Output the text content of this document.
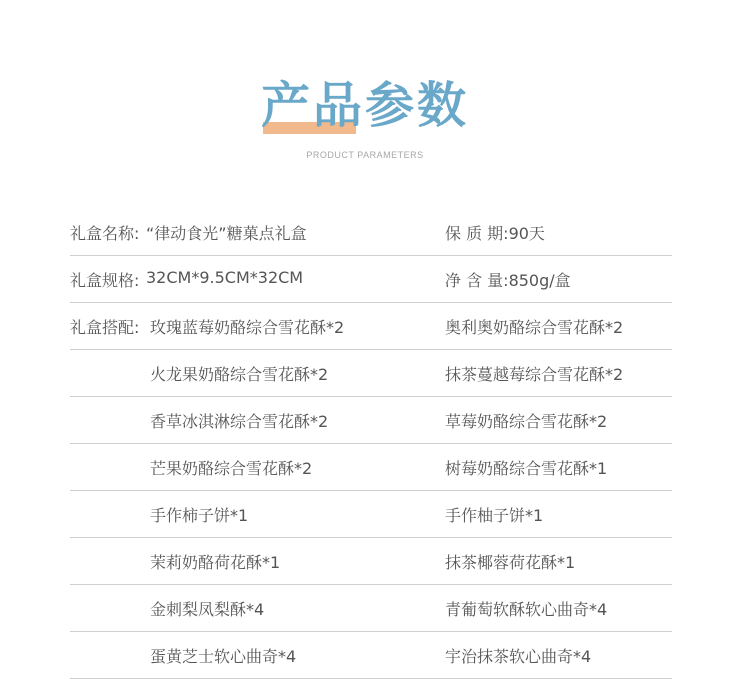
产品参数
PRODUCT PARAMETERS
礼盒名称: “律动食光”糖菓点礼盒	保 质 期:90天
礼盒规格: 32CM*9.5CM*32CM	净 含 量:850g/盒
礼盒搭配: 玫瑰蓝莓奶酪综合雪花酥*2	奥利奥奶酪综合雪花酥*2
火龙果奶酪综合雪花酥*2	抹茶蔓越莓综合雪花酥*2
香草冰淇淋综合雪花酥*2	草莓奶酪综合雪花酥*2
芒果奶酪综合雪花酥*2	树莓奶酪综合雪花酥*1
手作柿子饼*1	手作柚子饼*1
茉莉奶酪荷花酥*1	抹茶椰蓉荷花酥*1
金刺梨凤梨酥*4	青葡萄软酥软心曲奇*4
蛋黄芝士软心曲奇*4	宇治抹茶软心曲奇*4
